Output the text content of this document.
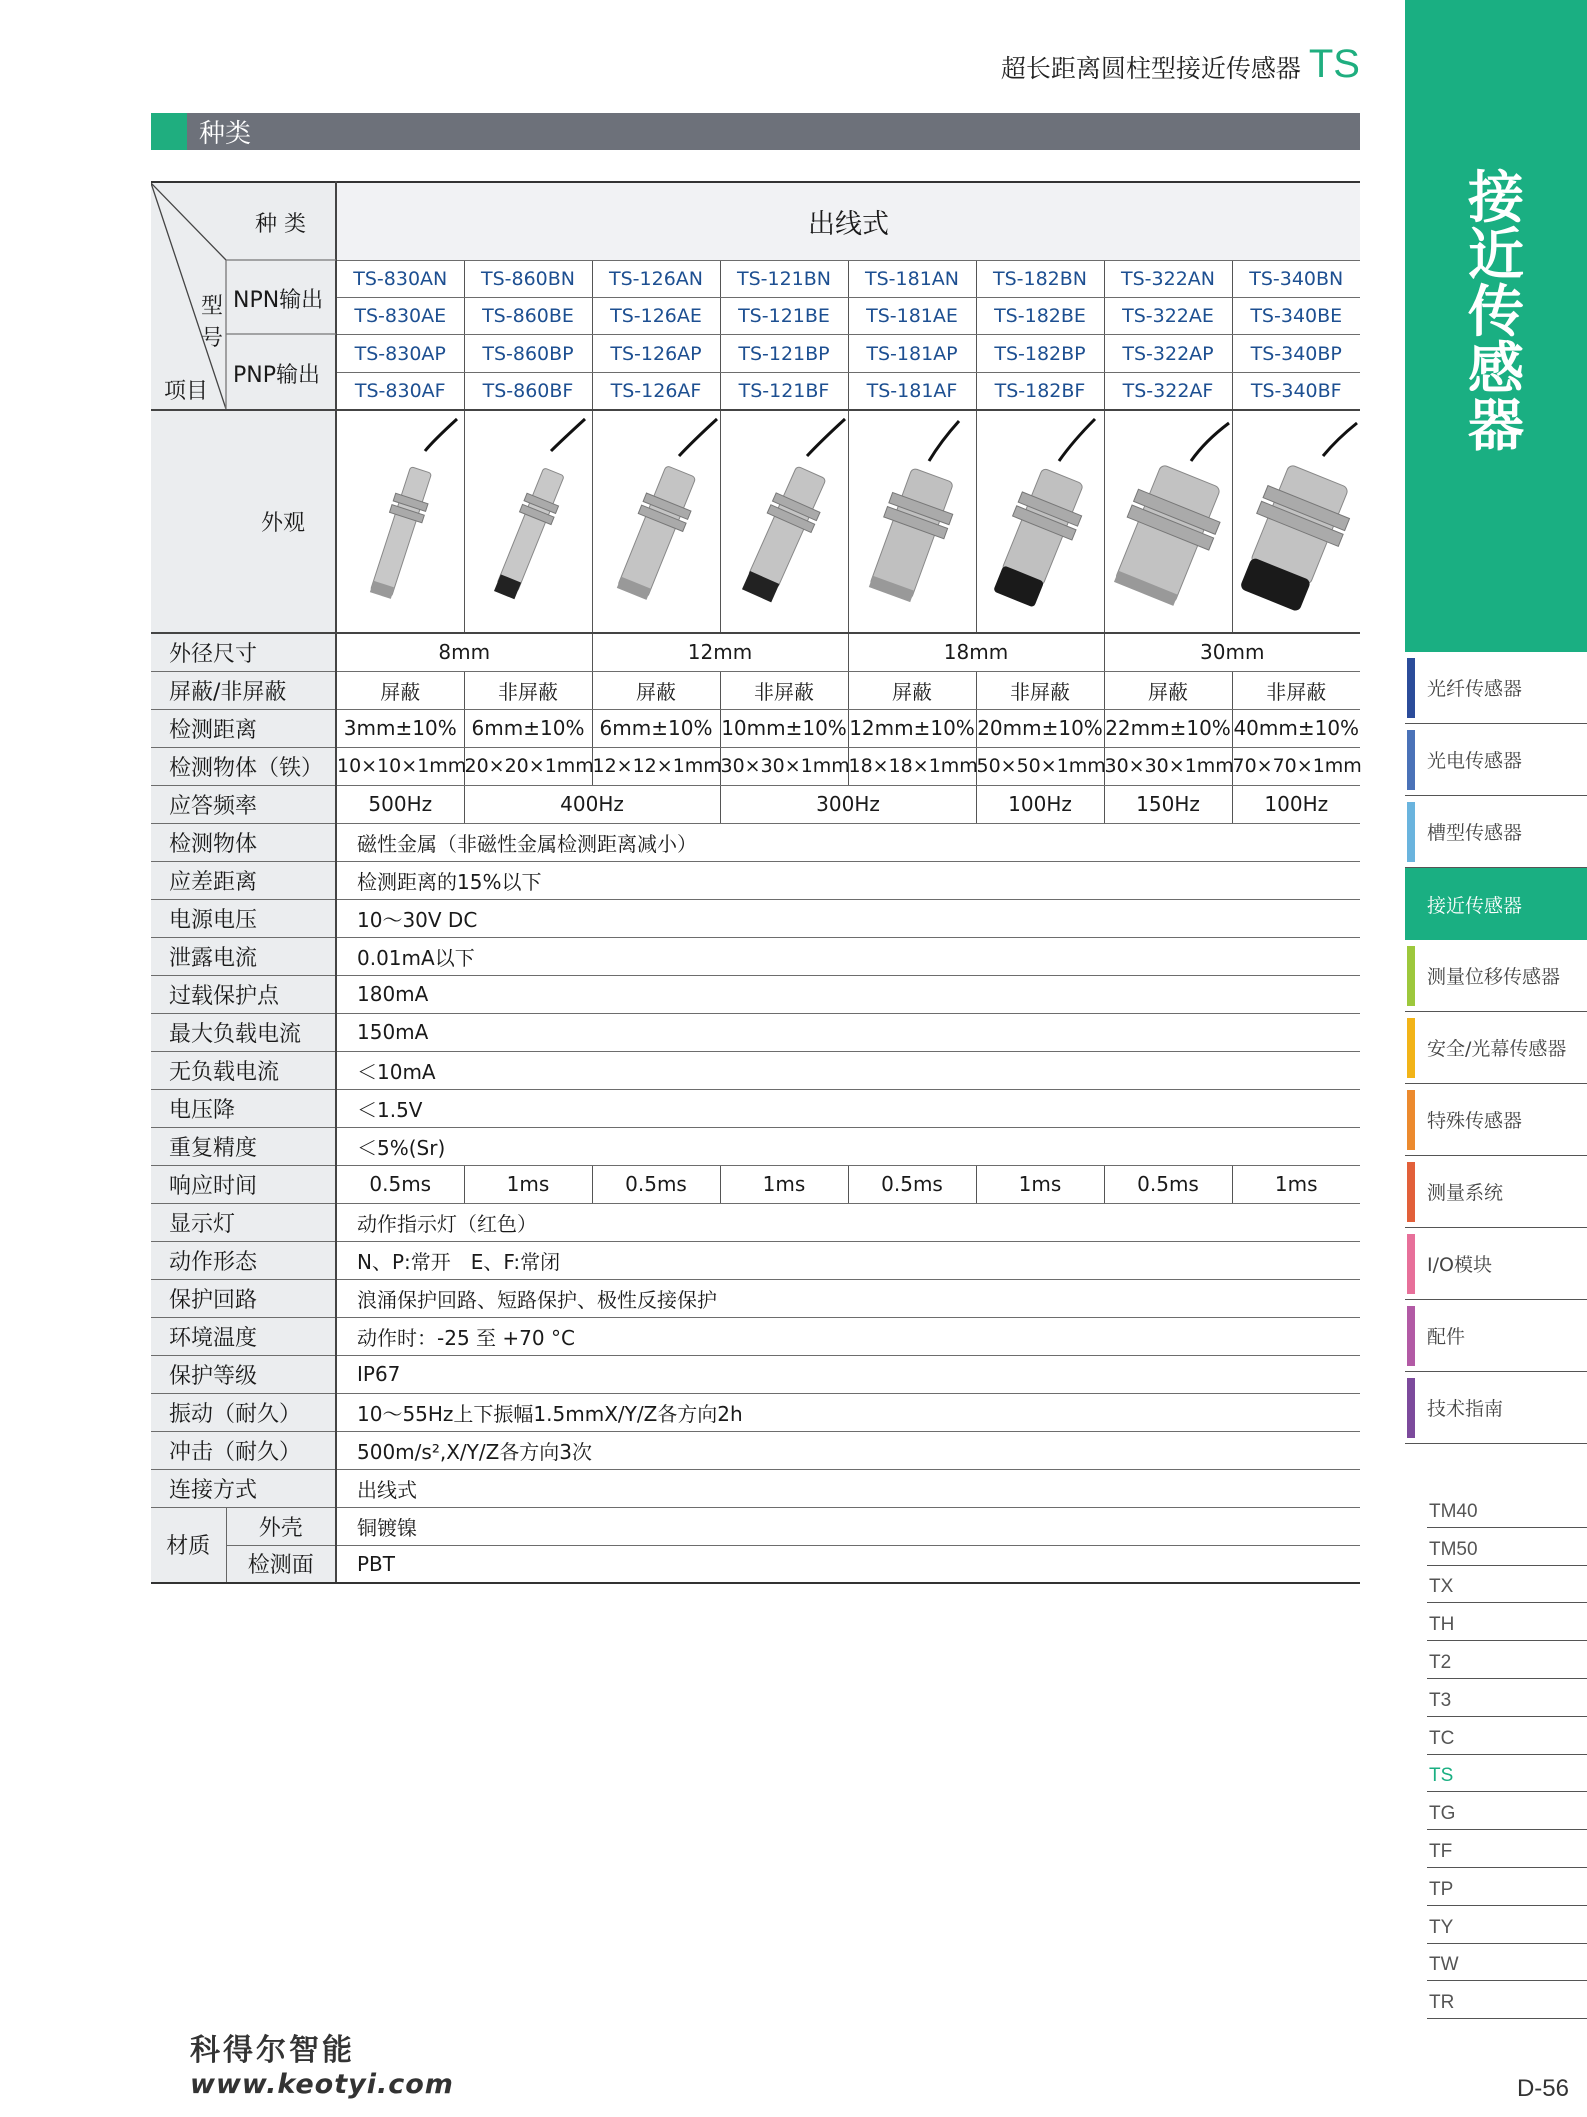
超长距离圆柱型接近传感器 TS
种类
种 类
型号
项目
NPN输出
PNP输出		出线式							
		TS-830AN	TS-860BN	TS-126AN	TS-121BN	TS-181AN	TS-182BN	TS-322AN	TS-340BN
		TS-830AE	TS-860BE	TS-126AE	TS-121BE	TS-181AE	TS-182BE	TS-322AE	TS-340BE
		TS-830AP	TS-860BP	TS-126AP	TS-121BP	TS-181AP	TS-182BP	TS-322AP	TS-340BP
		TS-830AF	TS-860BF	TS-126AF	TS-121BF	TS-181AF	TS-182BF	TS-322AF	TS-340BF
外观								
外径尺寸		8mm		12mm		18mm		30mm	
屏蔽/非屏蔽		屏蔽	非屏蔽	屏蔽	非屏蔽	屏蔽	非屏蔽	屏蔽	非屏蔽
检测距离		3mm±10%	6mm±10%	6mm±10%	10mm±10%	12mm±10%	20mm±10%	22mm±10%	40mm±10%
检测物体（铁）		10×10×1mm	20×20×1mm	12×12×1mm	30×30×1mm	18×18×1mm	50×50×1mm	30×30×1mm	70×70×1mm
应答频率		500Hz	400Hz		300Hz		100Hz	150Hz	100Hz
检测物体		磁性金属（非磁性金属检测距离减小）							
应差距离		检测距离的15%以下							
电源电压		10～30V DC							
泄露电流		0.01mA以下							
过载保护点		180mA							
最大负载电流		150mA							
无负载电流		＜10mA							
电压降		＜1.5V							
重复精度		＜5%(Sr)							
响应时间		0.5ms	1ms	0.5ms	1ms	0.5ms	1ms	0.5ms	1ms
显示灯		动作指示灯（红色）							
动作形态		N、P:常开　E、F:常闭							
保护回路		浪涌保护回路、短路保护、极性反接保护							
环境温度		动作时：-25 至 +70 °C							
保护等级		IP67							
振动（耐久）		10～55Hz上下振幅1.5mmX/Y/Z各方向2h							
冲击（耐久）		500m/s²,X/Y/Z各方向3次							
连接方式		出线式							
材质	外壳	铜镀镍							
	检测面	PBT							
接
近
传
感
器
光纤传感器
光电传感器
槽型传感器
接近传感器
测量位移传感器
安全/光幕传感器
特殊传感器
测量系统
I/O模块
配件
技术指南
TM40
TM50
TX
TH
T2
T3
TC
TS
TG
TF
TP
TY
TW
TR
科得尔智能
www.keotyi.com	D-56
